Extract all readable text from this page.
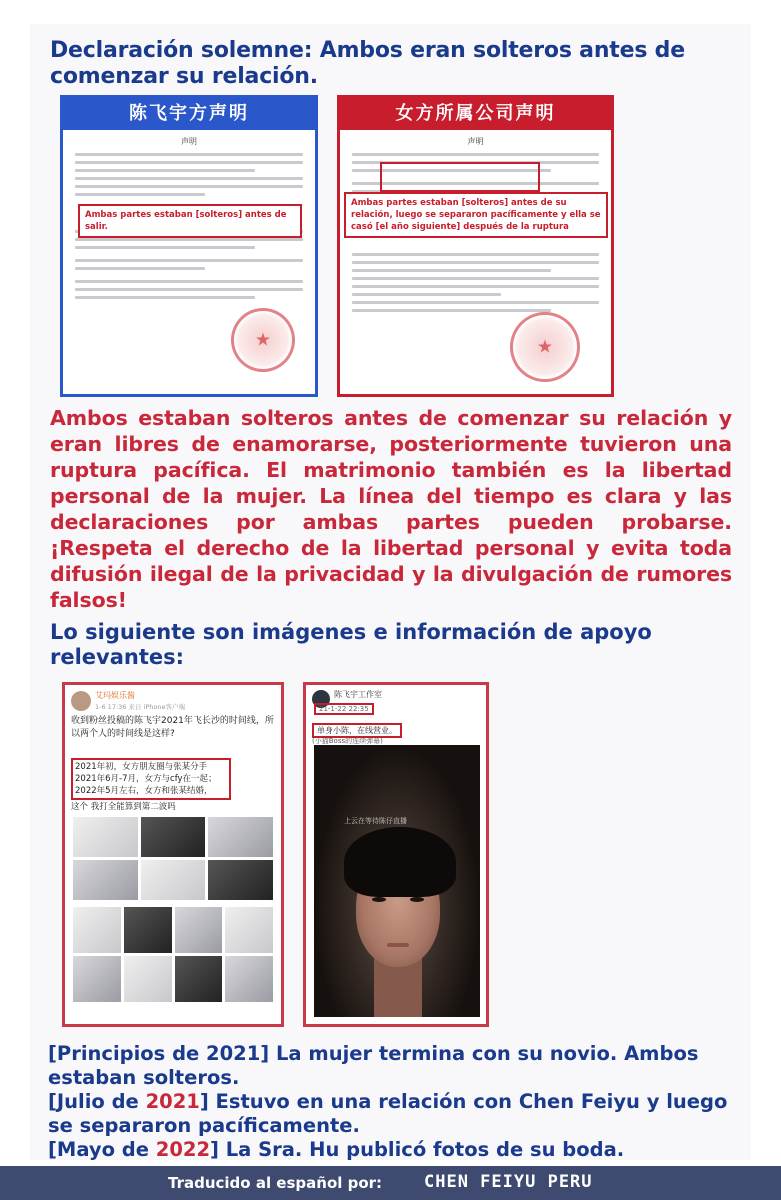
Declaración solemne: Ambos eran solteros antes de comenzar su relación.
陈飞宇方声明
声明
★
Ambas partes estaban [solteros] antes de salir.
女方所属公司声明
声明
★
Ambas partes estaban [solteros] antes de su relación, luego se separaron pacíficamente y ella se casó [el año siguiente] después de la ruptura

Ambos estaban solteros antes de comenzar su relación y eran libres de enamorarse, posteriormente tuvieron una ruptura pacífica. El matrimonio también es la libertad personal de la mujer. La línea del tiempo es clara y las declaraciones por ambas partes pueden probarse. ¡Respeta el derecho de la libertad personal y evita toda difusión ilegal de la privacidad y la divulgación de rumores falsos!

Lo siguiente son imágenes e información de apoyo relevantes:
艾玛娱乐酱
1-6 17:36 来自 iPhone客户端
收到粉丝投稿的陈飞宇2021年飞长沙的时间线，所以两个人的时间线是这样?
2021年初，女方朋友圈与张某分手
2021年6月-7月，女方与cfy在一起；
2022年5月左右，女方和张某结婚，
这个 我打全能算到第二波吗
陈飞宇工作室
21-1-22 22:35
单身小陈，在线营业。
(小猫Boss的连续弹幕)
上云在等待陈仔直播
[Principios de 2021] La mujer termina con su novio. Ambos estaban solteros.
[Julio de 2021] Estuvo en una relación con Chen Feiyu y luego se separaron pacíficamente.
[Mayo de 2022] La Sra. Hu publicó fotos de su boda.
Traducido al español por: CHEN FEIYU PERU
